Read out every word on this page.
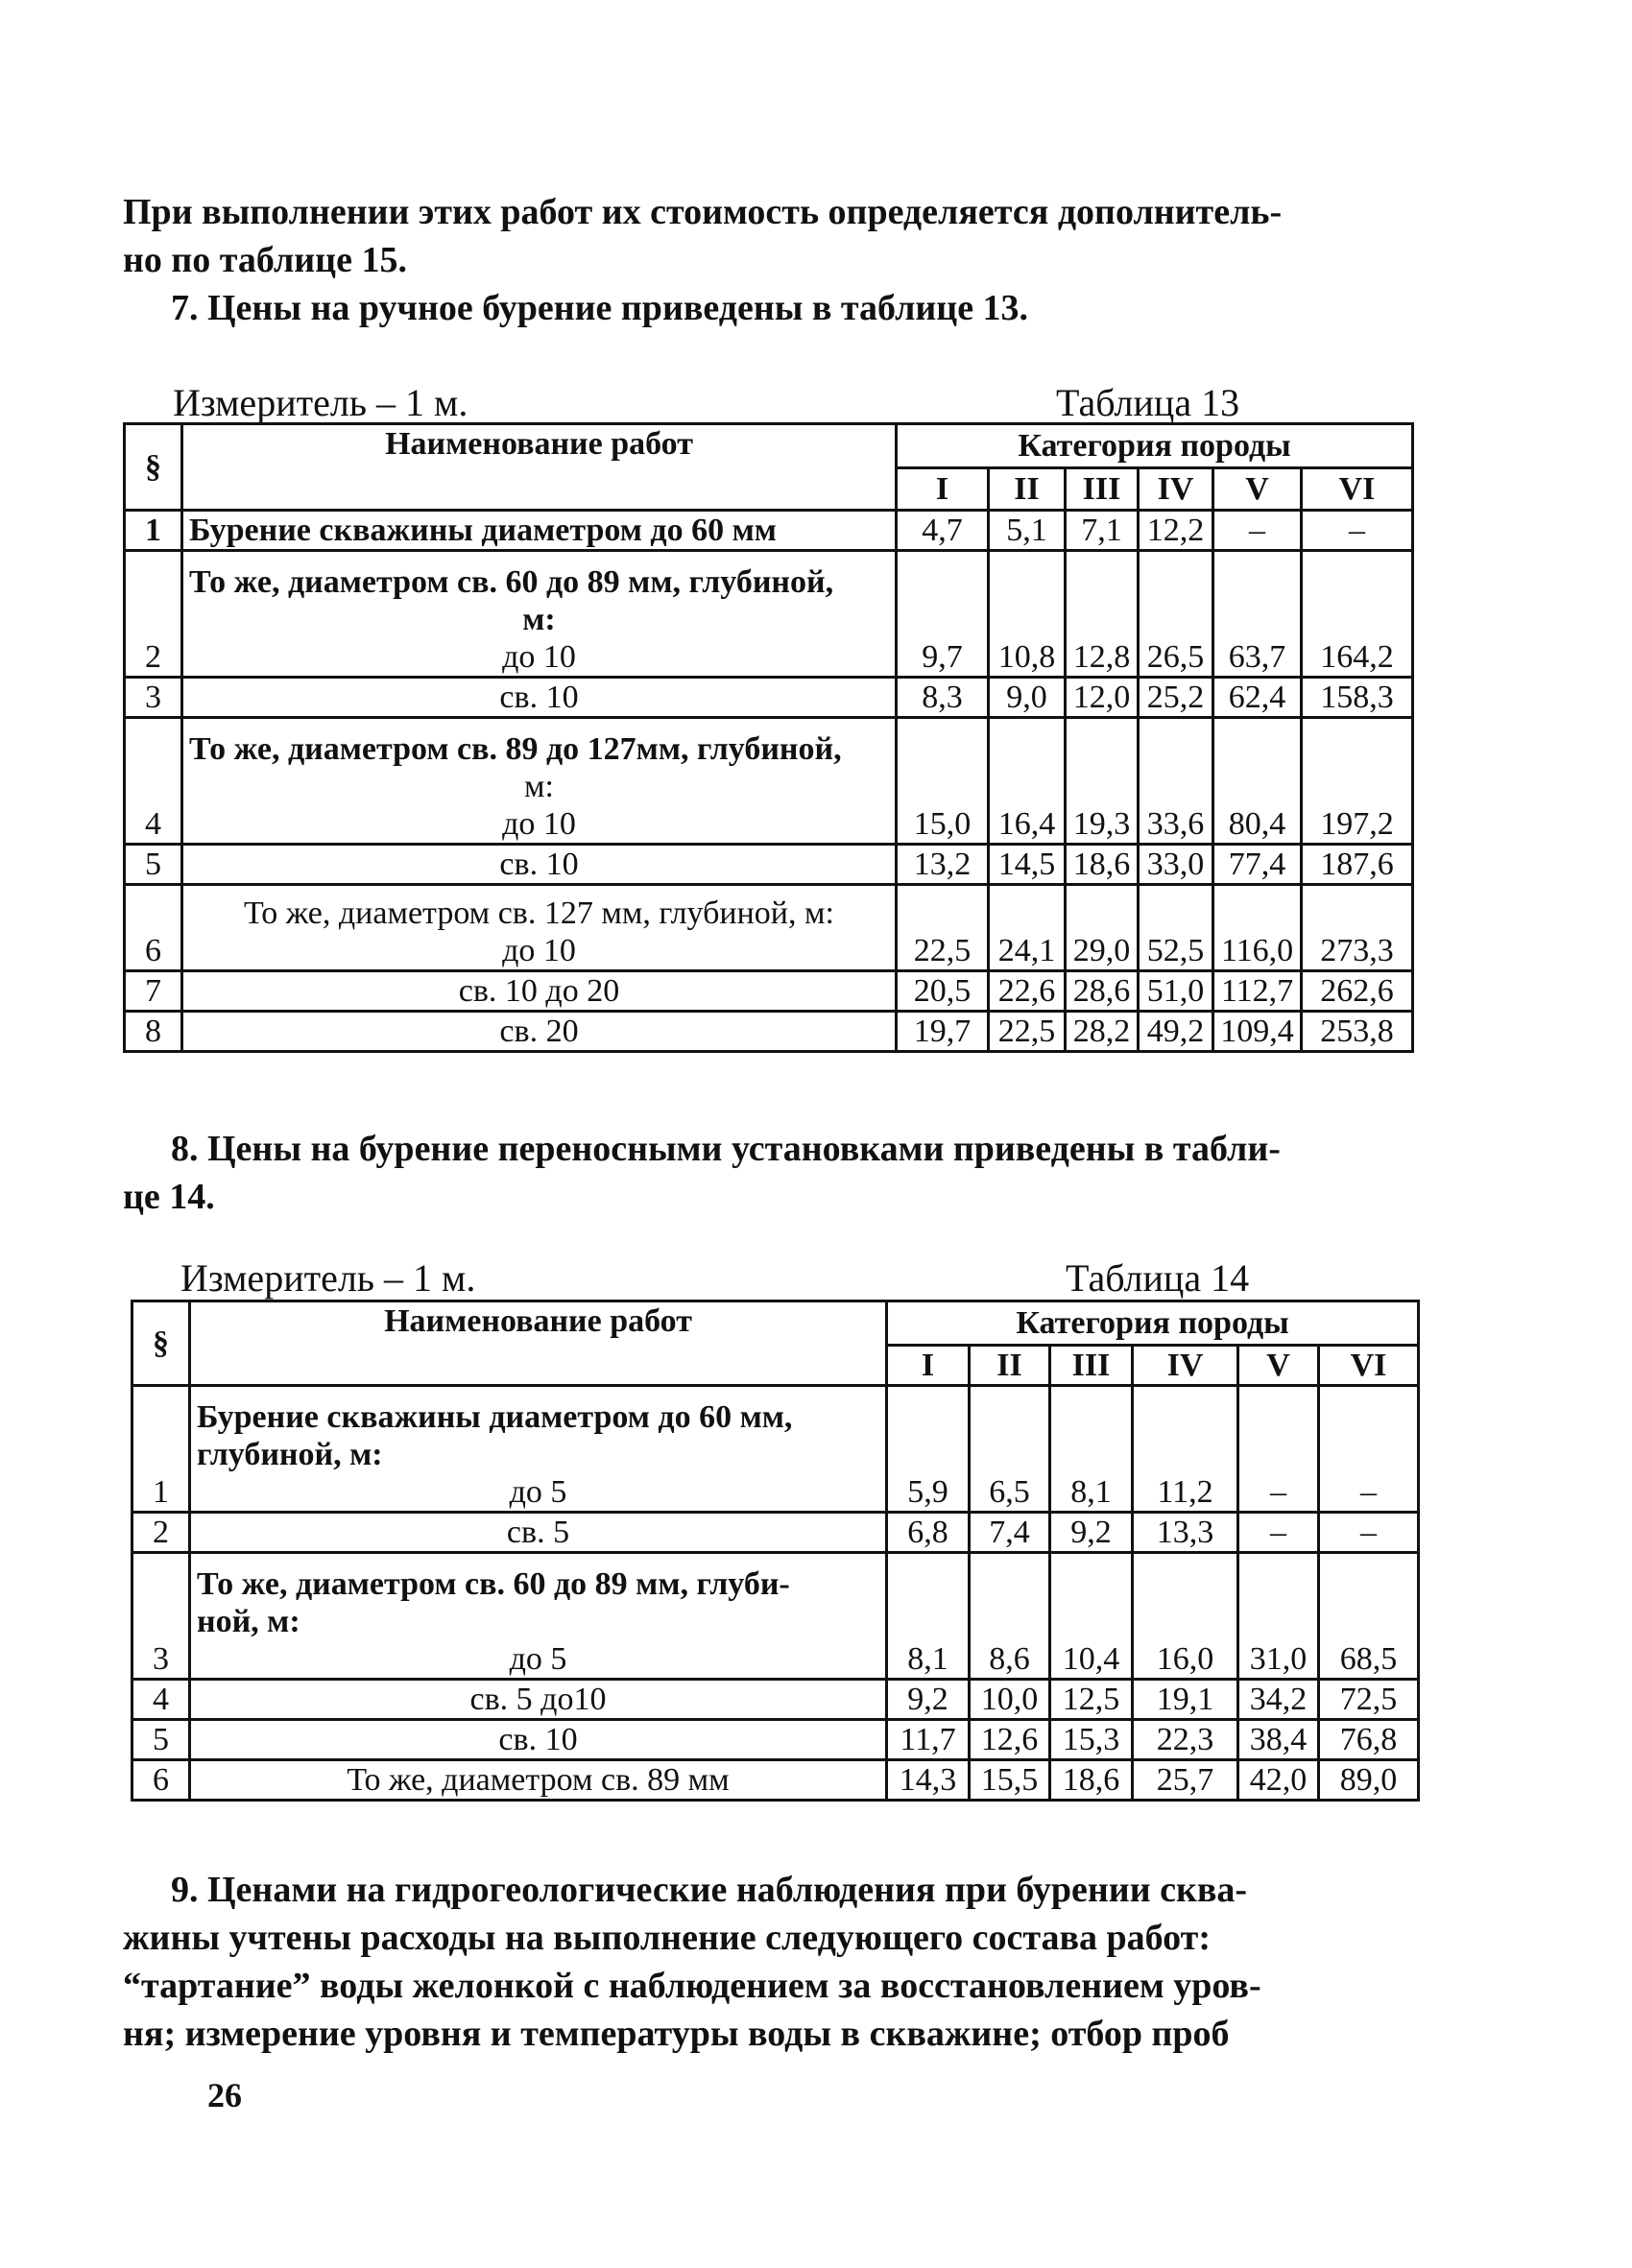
При выполнении этих работ их стоимость определяется дополнитель-
но по таблице 15.
7. Цены на ручное бурение приведены в таблице 13.
Измеритель – 1 м.	Таблица 13
§	Наименование работ	Категория породы					
		I	II	III	IV	V	VI
1	Бурение скважины диаметром до 60 мм	4,7	5,1	7,1	12,2	–	–
2	То же, диаметром св. 60 до 89 мм, глубиной,
м:
до 10	9,7	10,8	12,8	26,5	63,7	164,2
3	св. 10	8,3	9,0	12,0	25,2	62,4	158,3
4	То же, диаметром св. 89 до 127мм, глубиной,
м:
до 10	15,0	16,4	19,3	33,6	80,4	197,2
5	св. 10	13,2	14,5	18,6	33,0	77,4	187,6
6	То же, диаметром св. 127 мм, глубиной, м:
до 10	22,5	24,1	29,0	52,5	116,0	273,3
7	св. 10 до 20	20,5	22,6	28,6	51,0	112,7	262,6
8	св. 20	19,7	22,5	28,2	49,2	109,4	253,8
8. Цены на бурение переносными установками приведены в табли-
це 14.
Измеритель – 1 м.	Таблица 14
§	Наименование работ	Категория породы					
		I	II	III	IV	V	VI
1	Бурение скважины диаметром до 60 мм,
глубиной, м:
до 5	5,9	6,5	8,1	11,2	–	–
2	св. 5	6,8	7,4	9,2	13,3	–	–
3	То же, диаметром св. 60 до 89 мм, глуби-
ной, м:
до 5	8,1	8,6	10,4	16,0	31,0	68,5
4	св. 5 до10	9,2	10,0	12,5	19,1	34,2	72,5
5	св. 10	11,7	12,6	15,3	22,3	38,4	76,8
6	То же, диаметром св. 89 мм	14,3	15,5	18,6	25,7	42,0	89,0
9. Ценами на гидрогеологические наблюдения при бурении сква-
жины учтены расходы на выполнение следующего состава работ:
“тартание” воды желонкой с наблюдением за восстановлением уров-
ня; измерение уровня и температуры воды в скважине; отбор проб
26
